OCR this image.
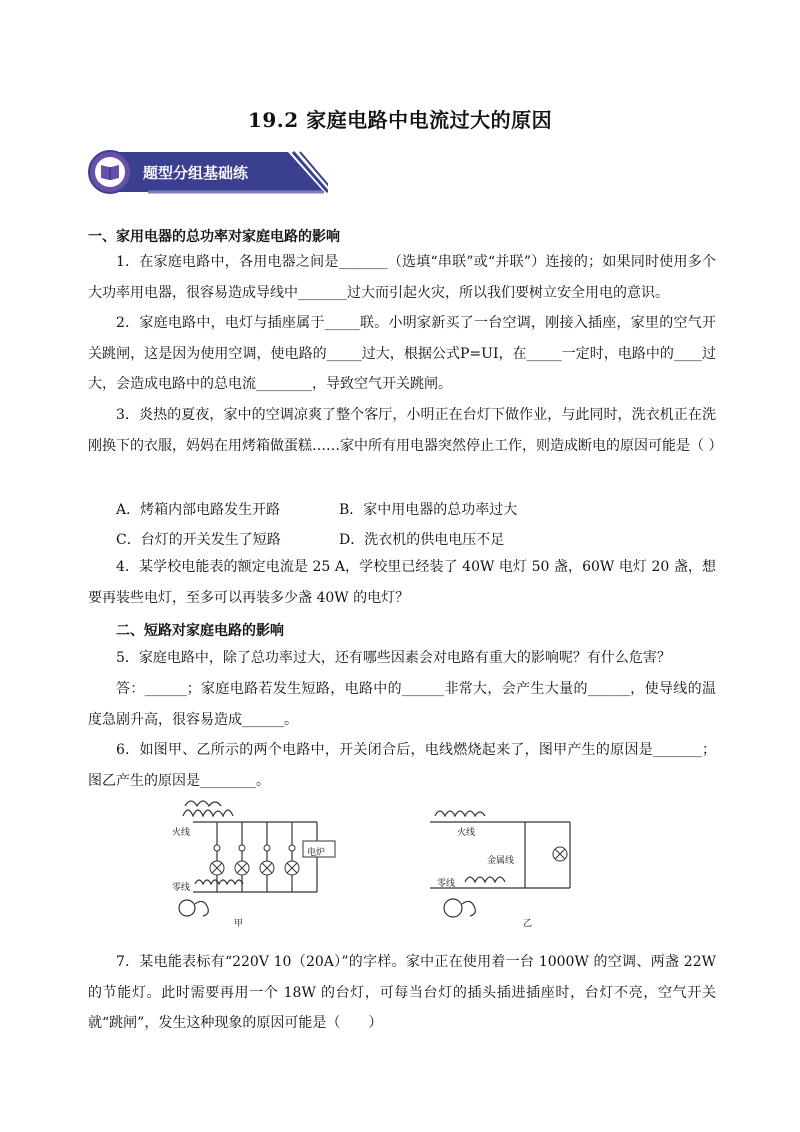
19.2 家庭电路中电流过大的原因
题型分组基础练
一、家用电器的总功率对家庭电路的影响
1．在家庭电路中，各用电器之间是_______（选填“串联”或“并联”）连接的；如果同时使用多个大功率用电器，很容易造成导线中_______过大而引起火灾，所以我们要树立安全用电的意识。
2．家庭电路中，电灯与插座属于_____联。小明家新买了一台空调，刚接入插座，家里的空气开关跳闸，这是因为使用空调，使电路的_____过大，根据公式P=UI，在_____一定时，电路中的____过大，会造成电路中的总电流________，导致空气开关跳闸。
3．炎热的夏夜，家中的空调凉爽了整个客厅，小明正在台灯下做作业，与此同时，洗衣机正在洗刚换下的衣服，妈妈在用烤箱做蛋糕……家中所有用电器突然停止工作，则造成断电的原因可能是（ ）
A．烤箱内部电路发生开路	B．家中用电器的总功率过大
C．台灯的开关发生了短路	D．洗衣机的供电电压不足
4．某学校电能表的额定电流是 25 A，学校里已经装了 40W 电灯 50 盏，60W 电灯 20 盏，想要再装些电灯，至多可以再装多少盏 40W 的电灯？
二、短路对家庭电路的影响
5．家庭电路中，除了总功率过大，还有哪些因素会对电路有重大的影响呢？有什么危害？
答：______；家庭电路若发生短路，电路中的______非常大，会产生大量的______，使导线的温度急剧升高，很容易造成______。
6．如图甲、乙所示的两个电路中，开关闭合后，电线燃烧起来了，图甲产生的原因是_______；图乙产生的原因是________。
火线
零线
电炉
甲
火线
零线
金属线
乙
7．某电能表标有“220V 10（20A）”的字样。家中正在使用着一台 1000W 的空调、两盏 22W 的节能灯。此时需要再用一个 18W 的台灯，可每当台灯的插头插进插座时，台灯不亮，空气开关就“跳闸”，发生这种现象的原因可能是（　　）
